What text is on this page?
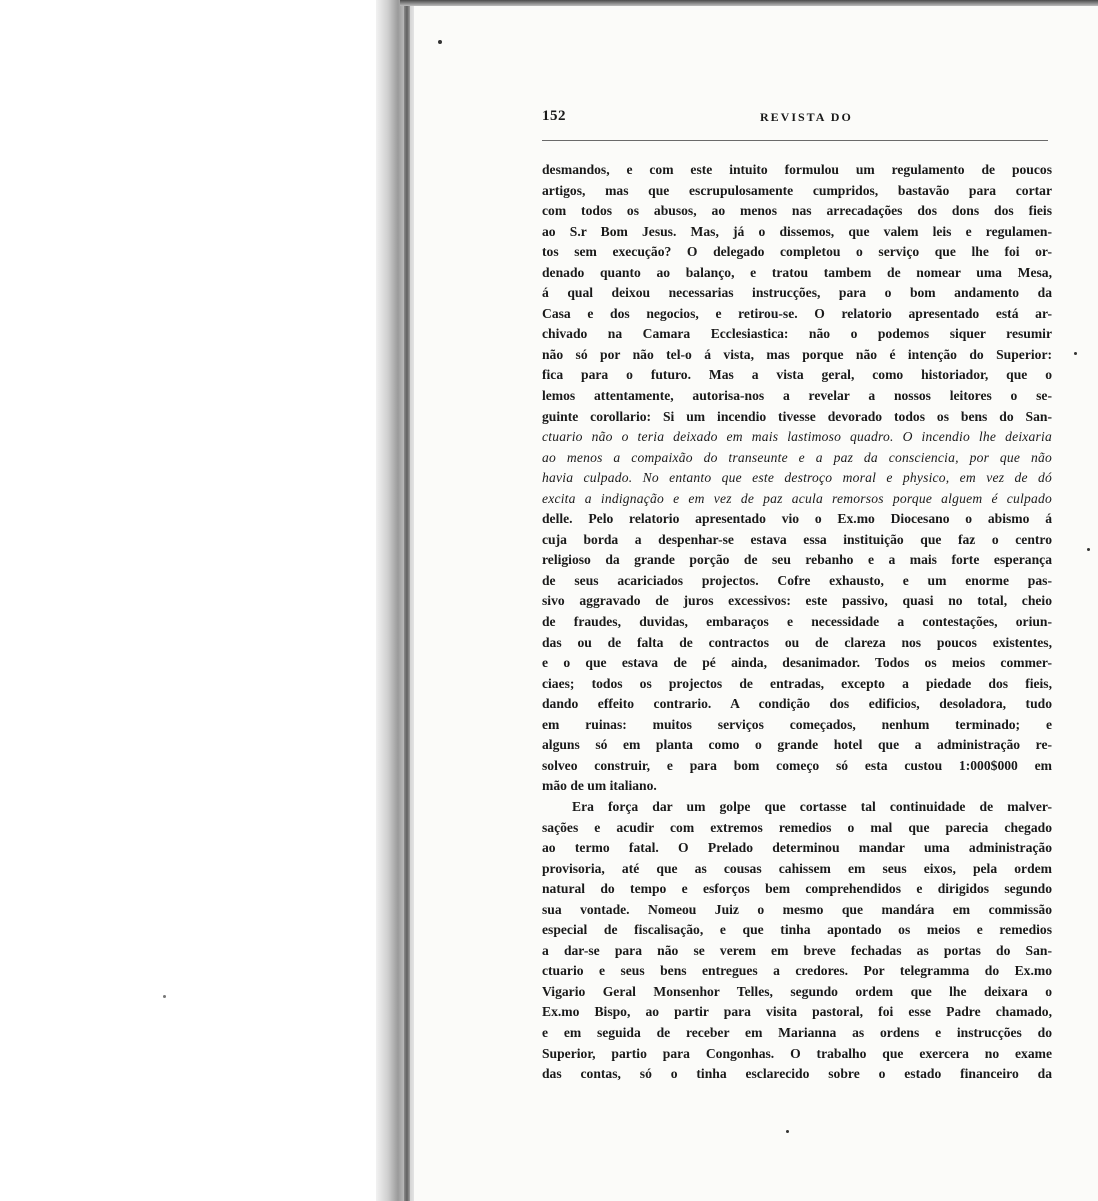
152	REVISTA DO
desmandos, e com este intuito formulou um regulamento de poucos
artigos, mas que escrupulosamente cumpridos, bastavão para cortar
com todos os abusos, ao menos nas arrecadações dos dons dos fieis
ao S.r Bom Jesus. Mas, já o dissemos, que valem leis e regulamen-
tos sem execução? O delegado completou o serviço que lhe foi or-
denado quanto ao balanço, e tratou tambem de nomear uma Mesa,
á qual deixou necessarias instrucções, para o bom andamento da
Casa e dos negocios, e retirou-se. O relatorio apresentado está ar-
chivado na Camara Ecclesiastica: não o podemos siquer resumir
não só por não tel-o á vista, mas porque não é intenção do Superior:
fica para o futuro. Mas a vista geral, como historiador, que o
lemos attentamente, autorisa-nos a revelar a nossos leitores o se-
guinte corollario: Si um incendio tivesse devorado todos os bens do San-
ctuario não o teria deixado em mais lastimoso quadro. O incendio lhe deixaria
ao menos a compaixão do transeunte e a paz da consciencia, por que não
havia culpado. No entanto que este destroço moral e physico, em vez de dó
excita a indignação e em vez de paz acula remorsos porque alguem é culpado
delle. Pelo relatorio apresentado vio o Ex.mo Diocesano o abismo á
cuja borda a despenhar-se estava essa instituição que faz o centro
religioso da grande porção de seu rebanho e a mais forte esperança
de seus acariciados projectos. Cofre exhausto, e um enorme pas-
sivo aggravado de juros excessivos: este passivo, quasi no total, cheio
de fraudes, duvidas, embaraços e necessidade a contestações, oriun-
das ou de falta de contractos ou de clareza nos poucos existentes,
e o que estava de pé ainda, desanimador. Todos os meios commer-
ciaes; todos os projectos de entradas, excepto a piedade dos fieis,
dando effeito contrario. A condição dos edificios, desoladora, tudo
em ruinas: muitos serviços começados, nenhum terminado; e
alguns só em planta como o grande hotel que a administração re-
solveo construir, e para bom começo só esta custou 1:000$000 em
mão de um italiano.
Era força dar um golpe que cortasse tal continuidade de malver-
sações e acudir com extremos remedios o mal que parecia chegado
ao termo fatal. O Prelado determinou mandar uma administração
provisoria, até que as cousas cahissem em seus eixos, pela ordem
natural do tempo e esforços bem comprehendidos e dirigidos segundo
sua vontade. Nomeou Juiz o mesmo que mandára em commissão
especial de fiscalisação, e que tinha apontado os meios e remedios
a dar-se para não se verem em breve fechadas as portas do San-
ctuario e seus bens entregues a credores. Por telegramma do Ex.mo
Vigario Geral Monsenhor Telles, segundo ordem que lhe deixara o
Ex.mo Bispo, ao partir para visita pastoral, foi esse Padre chamado,
e em seguida de receber em Marianna as ordens e instrucções do
Superior, partio para Congonhas. O trabalho que exercera no exame
das contas, só o tinha esclarecido sobre o estado financeiro da
